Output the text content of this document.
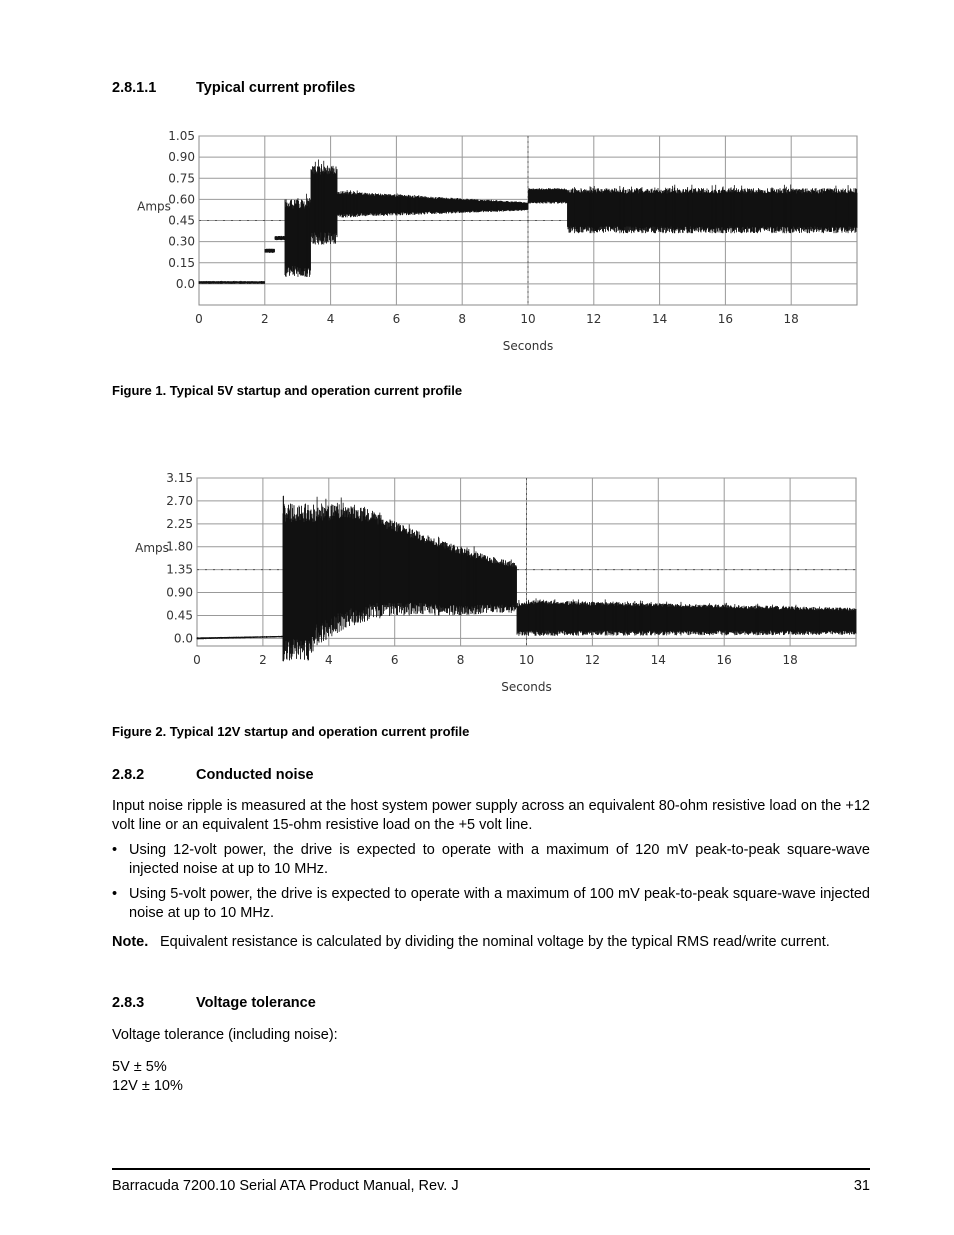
2.8.1.1	Typical current profiles
0	2	4	6	8	10	12	14	16	18
1.05
0.90
0.75
0.60
0.45
0.30
0.15
0.0
Amps
Seconds
0	2	4	6	8	10	12	14	16	18
3.15
2.70
2.25
1.80
1.35
0.90
0.45
0.0
Amps
Seconds
Figure 1. Typical 5V startup and operation current profile
Figure 2. Typical 12V startup and operation current profile
2.8.2	Conducted noise
Input noise ripple is measured at the host system power supply across an equivalent 80-ohm resistive load on the +12 volt line or an equivalent 15-ohm resistive load on the +5 volt line.
• Using 12-volt power, the drive is expected to operate with a maximum of 120 mV peak-to-peak square-wave injected noise at up to 10 MHz.
• Using 5-volt power, the drive is expected to operate with a maximum of 100 mV peak-to-peak square-wave injected noise at up to 10 MHz.
Note. Equivalent resistance is calculated by dividing the nominal voltage by the typical RMS read/write current.
2.8.3	Voltage tolerance
Voltage tolerance (including noise):
5V ± 5%
12V ± 10%
Barracuda 7200.10 Serial ATA Product Manual, Rev. J	31
